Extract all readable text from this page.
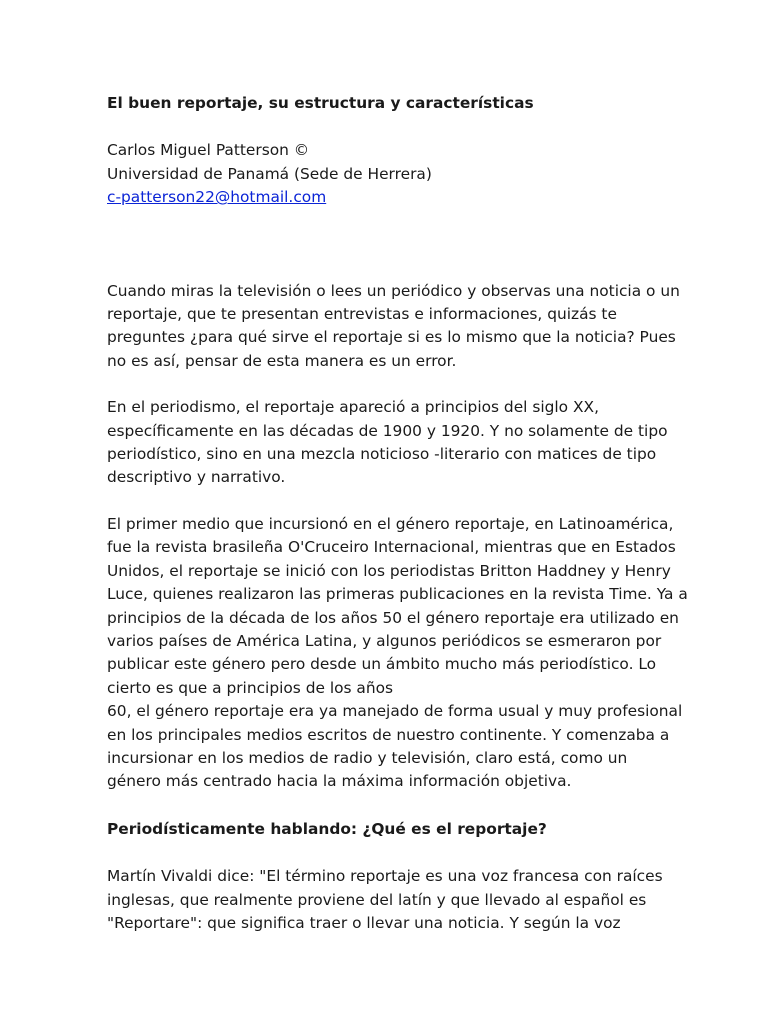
El buen reportaje, su estructura y características

Carlos Miguel Patterson ©
Universidad de Panamá (Sede de Herrera)
c-patterson22@hotmail.com

Cuando miras la televisión o lees un periódico y observas una noticia o un
reportaje, que te presentan entrevistas e informaciones, quizás te
preguntes ¿para qué sirve el reportaje si es lo mismo que la noticia? Pues
no es así, pensar de esta manera es un error.

En el periodismo, el reportaje apareció a principios del siglo XX,
específicamente en las décadas de 1900 y 1920. Y no solamente de tipo
periodístico, sino en una mezcla noticioso -literario con matices de tipo
descriptivo y narrativo.

El primer medio que incursionó en el género reportaje, en Latinoamérica,
fue la revista brasileña O'Cruceiro Internacional, mientras que en Estados
Unidos, el reportaje se inició con los periodistas Britton Haddney y Henry
Luce, quienes realizaron las primeras publicaciones en la revista Time. Ya a
principios de la década de los años 50 el género reportaje era utilizado en
varios países de América Latina, y algunos periódicos se esmeraron por
publicar este género pero desde un ámbito mucho más periodístico. Lo
cierto es que a principios de los años
60, el género reportaje era ya manejado de forma usual y muy profesional
en los principales medios escritos de nuestro continente. Y comenzaba a
incursionar en los medios de radio y televisión, claro está, como un
género más centrado hacia la máxima información objetiva.

Periodísticamente hablando: ¿Qué es el reportaje?

Martín Vivaldi dice: "El término reportaje es una voz francesa con raíces
inglesas, que realmente proviene del latín y que llevado al español es
"Reportare": que significa traer o llevar una noticia. Y según la voz
